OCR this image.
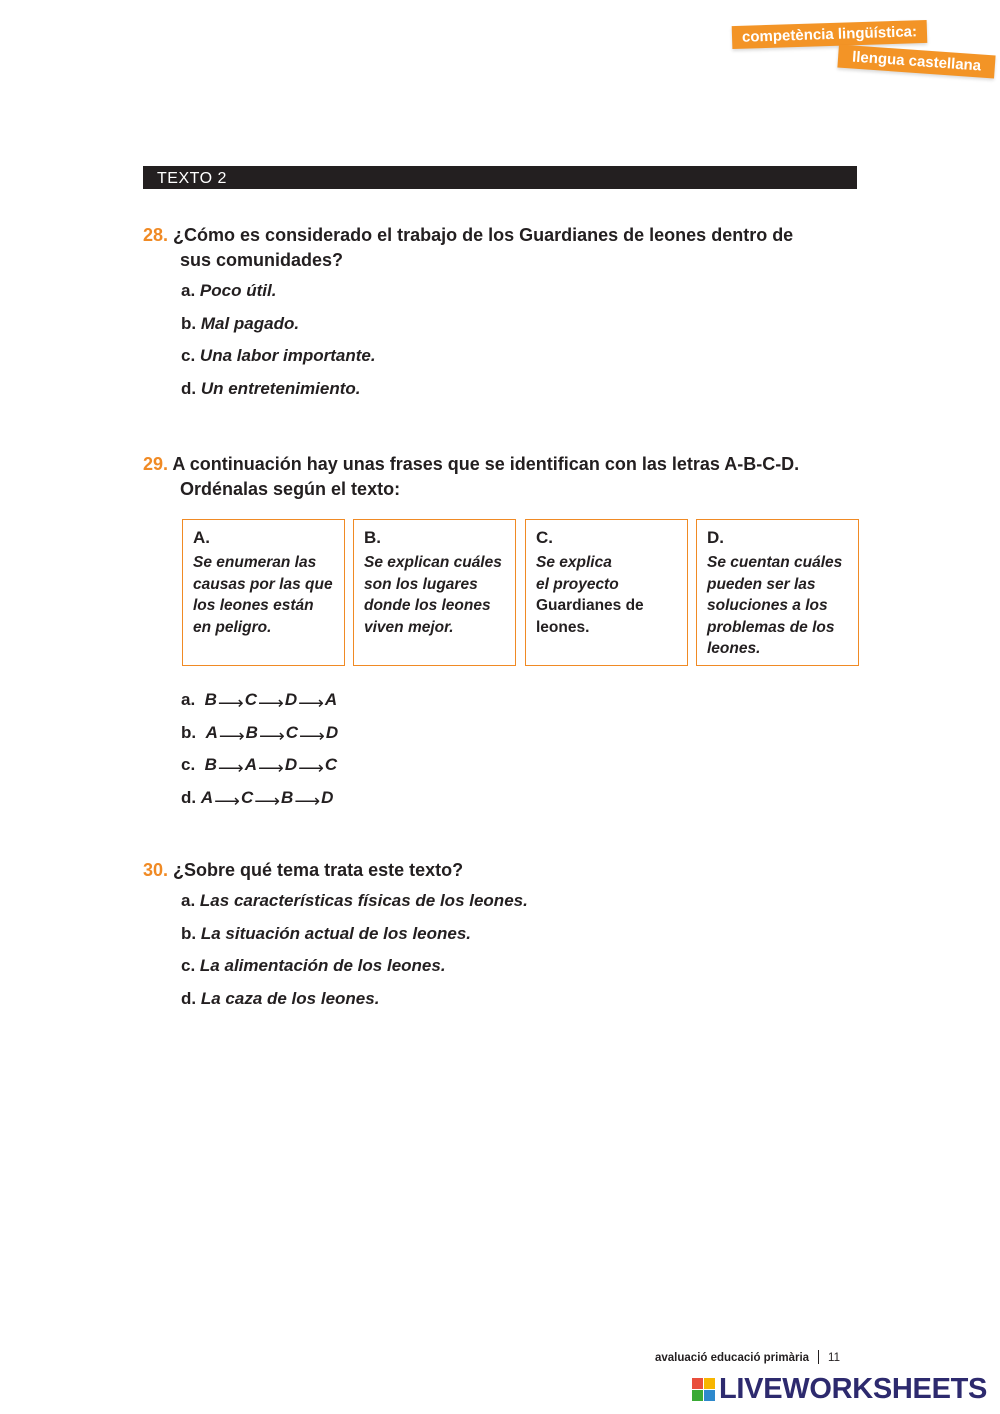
competència lingüística:
llengua castellana
TEXTO 2
28. ¿Cómo es considerado el trabajo de los Guardianes de leones dentro de
sus comunidades?
a. Poco útil.
b. Mal pagado.
c. Una labor importante.
d. Un entretenimiento.
29. A continuación hay unas frases que se identifican con las letras A-B-C-D.
Ordénalas según el texto:
A.
Se enumeran las
causas por las que
los leones están
en peligro.
B.
Se explican cuáles
son los lugares
donde los leones
viven mejor.
C.
Se explica
el proyecto
Guardianes de
leones.
D.
Se cuentan cuáles
pueden ser las
soluciones a los
problemas de los
leones.
a. B⟶C⟶D⟶A
b. A⟶B⟶C⟶D
c. B⟶A⟶D⟶C
d. A⟶C⟶B⟶D
30. ¿Sobre qué tema trata este texto?
a. Las características físicas de los leones.
b. La situación actual de los leones.
c. La alimentación de los leones.
d. La caza de los leones.
avaluació educació primària 11
LIVEWORKSHEETS
